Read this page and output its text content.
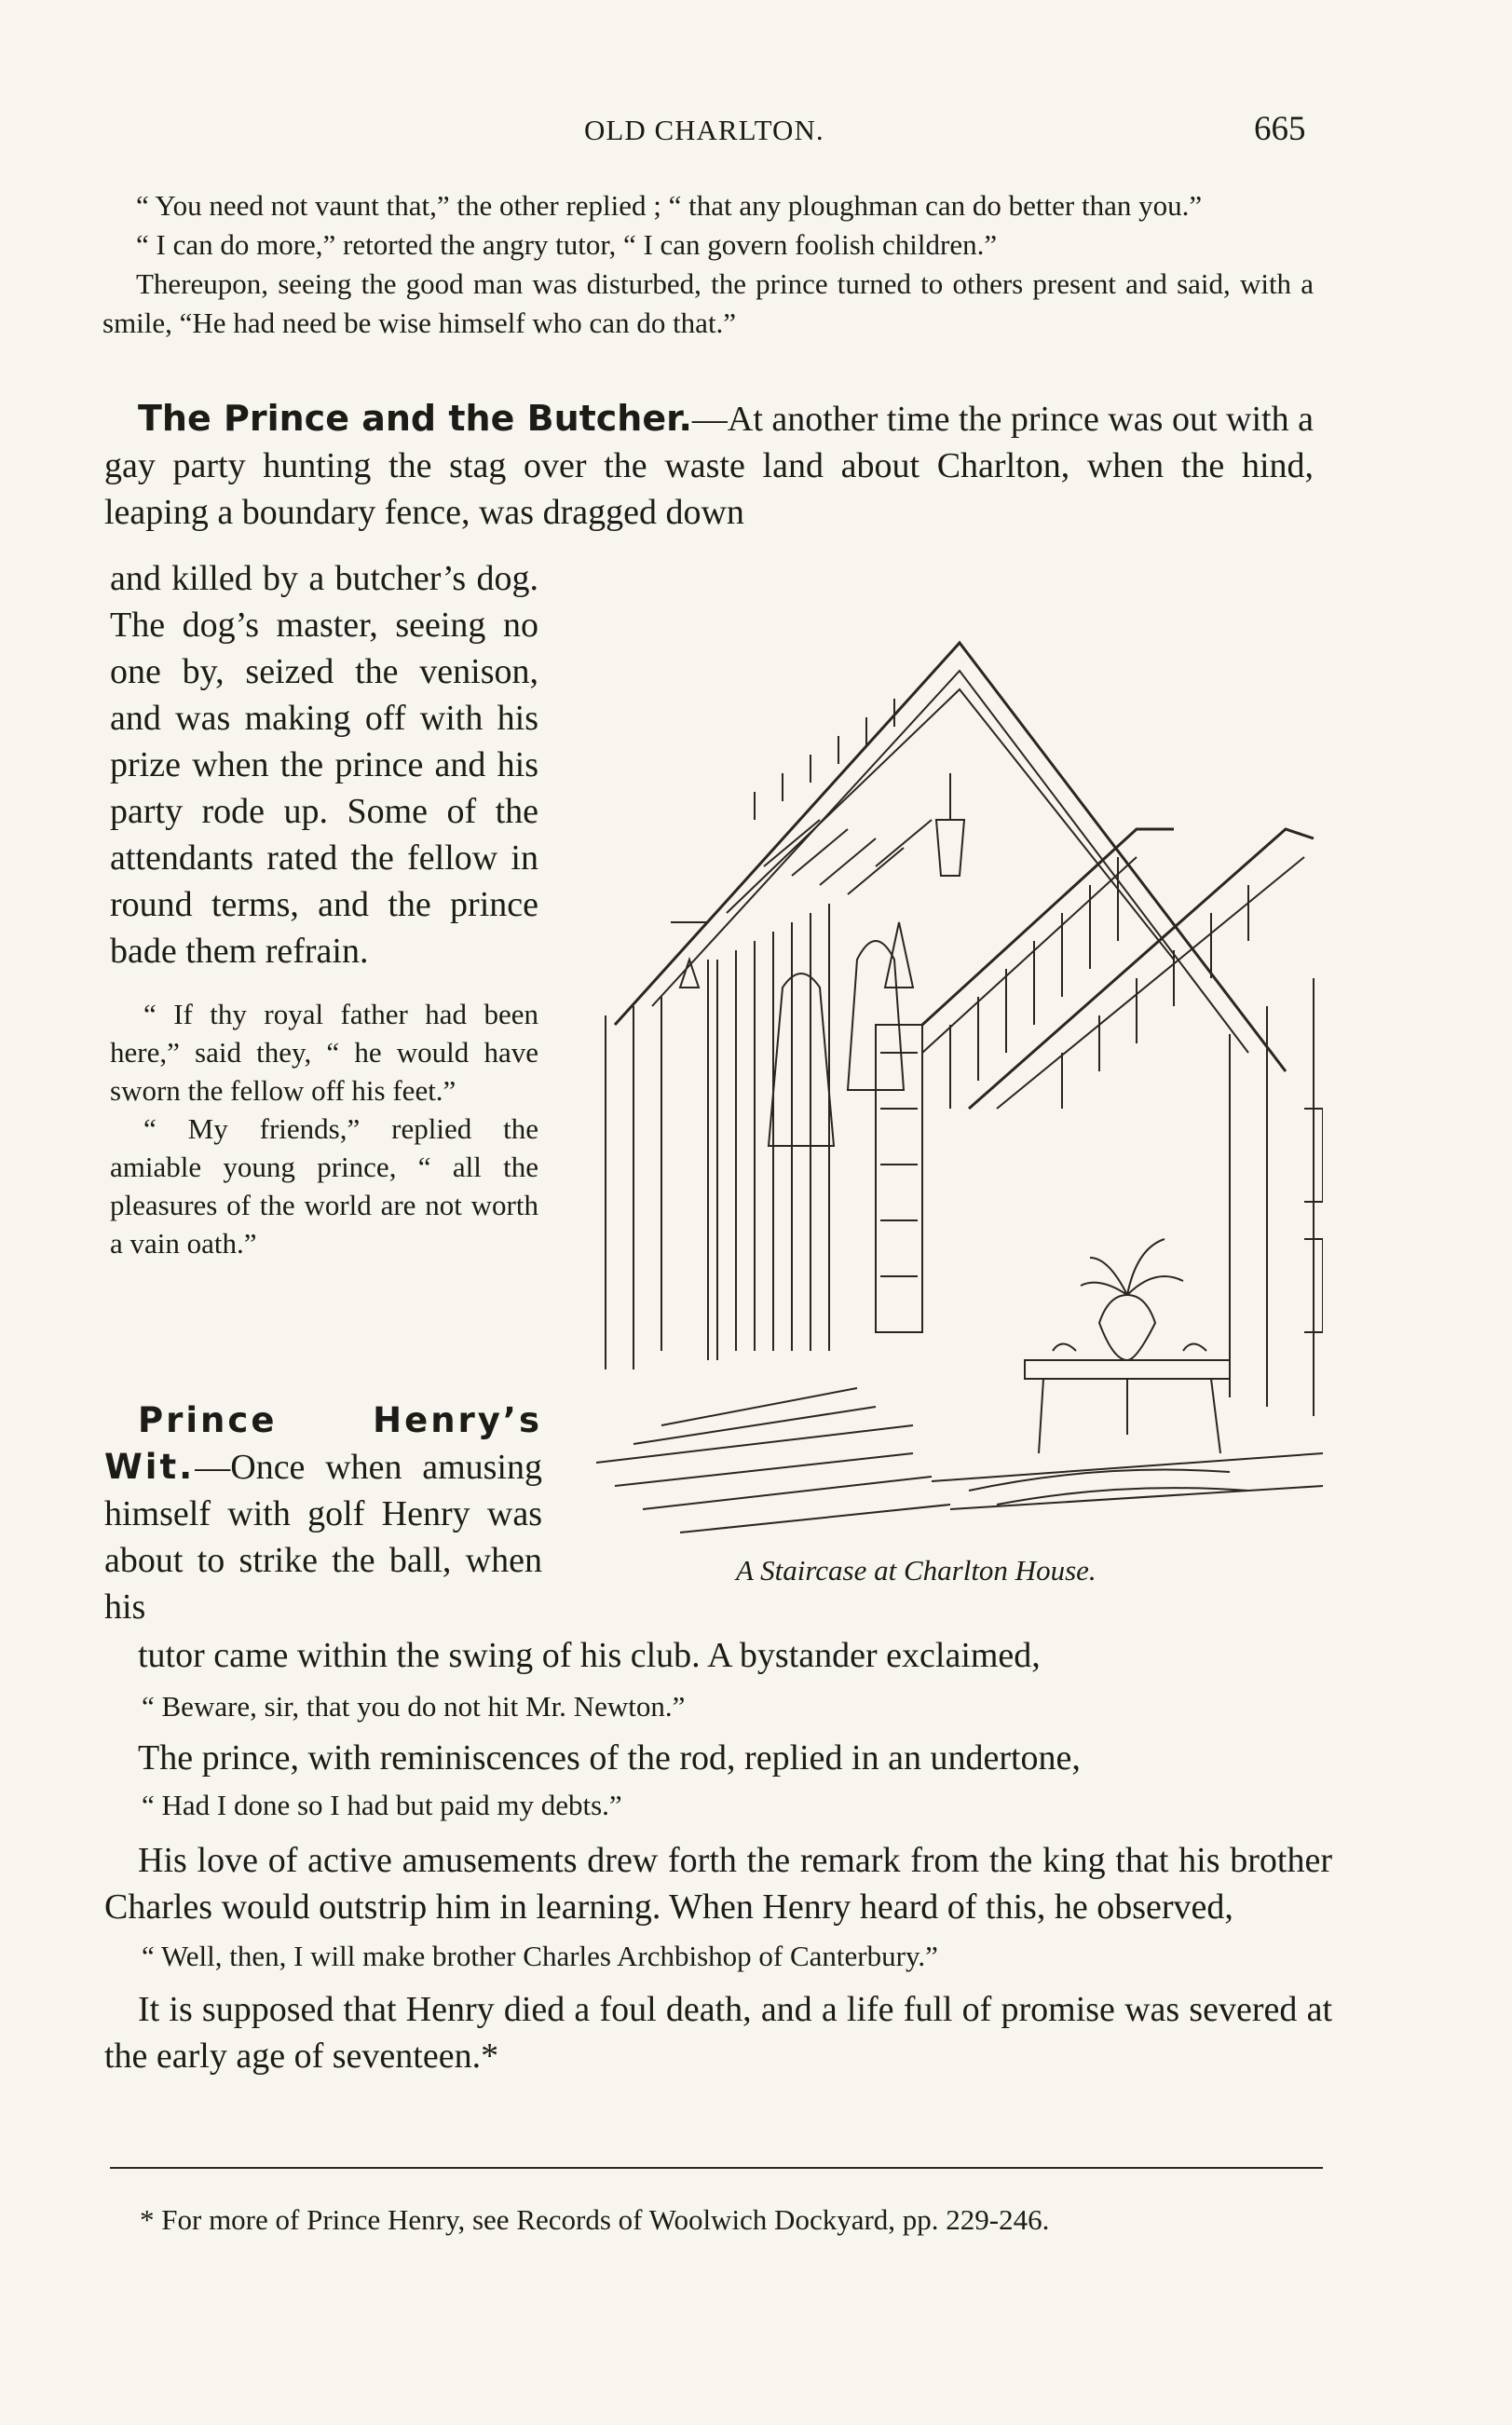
OLD CHARLTON.	665

“ You need not vaunt that,” the other replied ; “ that any ploughman can do better than you.”

“ I can do more,” retorted the angry tutor, “ I can govern foolish children.”

Thereupon, seeing the good man was disturbed, the prince turned to others present and said, with a smile, “He had need be wise himself who can do that.”

The Prince and the Butcher.—At another time the prince was out with a gay party hunting the stag over the waste land about Charlton, when the hind, leaping a boundary fence, was dragged down

and killed by a butcher’s dog. The dog’s master, seeing no one by, seized the venison, and was making off with his prize when the prince and his party rode up. Some of the attendants rated the fellow in round terms, and the prince bade them refrain.

“ If thy royal father had been here,” said they, “ he would have sworn the fellow off his feet.”

“ My friends,” replied the amiable young prince, “ all the pleasures of the world are not worth a vain oath.”

Prince Henry’s Wit.—Once when amusing himself with golf Henry was about to strike the ball, when his

A Staircase at Charlton House.

tutor came within the swing of his club. A bystander exclaimed,

“ Beware, sir, that you do not hit Mr. Newton.”

The prince, with reminiscences of the rod, replied in an undertone,

“ Had I done so I had but paid my debts.”

His love of active amusements drew forth the remark from the king that his brother Charles would outstrip him in learning. When Henry heard of this, he observed,

“ Well, then, I will make brother Charles Archbishop of Canterbury.”

It is supposed that Henry died a foul death, and a life full of promise was severed at the early age of seventeen.*

* For more of Prince Henry, see Records of Woolwich Dockyard, pp. 229-246.
